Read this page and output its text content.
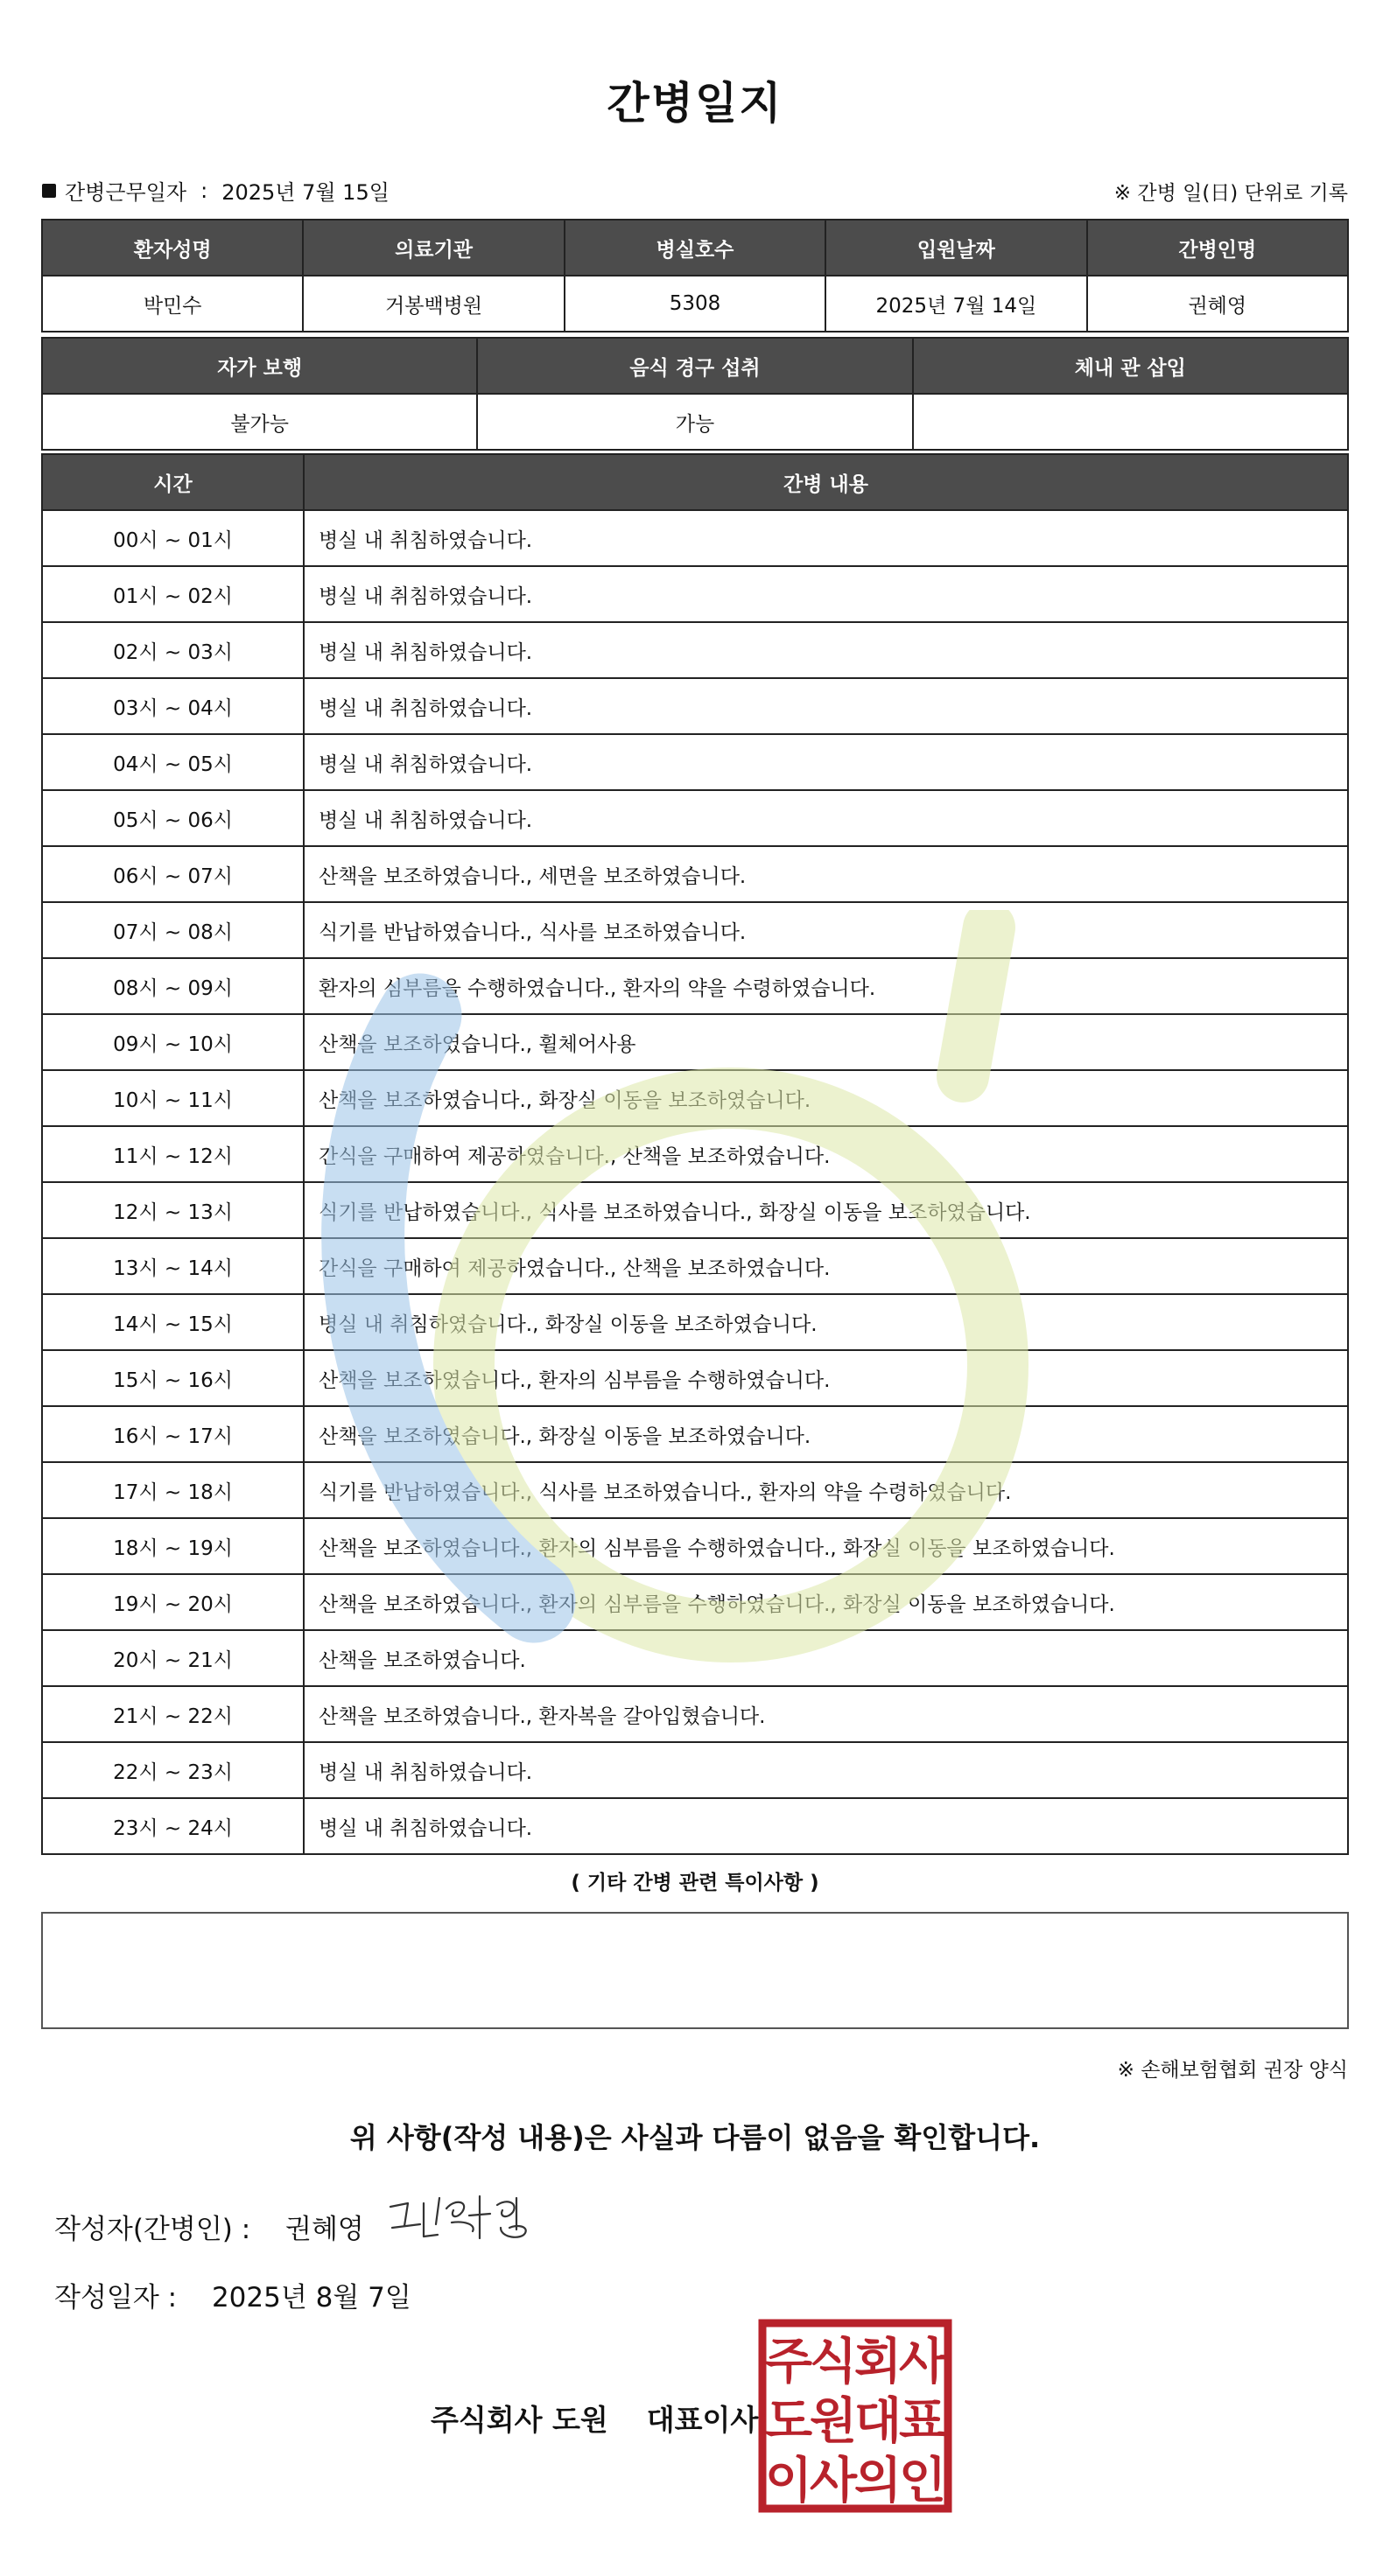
간병일지
간병근무일자 : 2025년 7월 15일	※ 간병 일(日) 단위로 기록
환자성명	의료기관	병실호수	입원날짜	간병인명
박민수	거봉백병원	5308	2025년 7월 14일	권혜영
자가 보행	음식 경구 섭취	체내 관 삽입
불가능	가능	
시간	간병 내용
00시 ~ 01시	병실 내 취침하였습니다.
01시 ~ 02시	병실 내 취침하였습니다.
02시 ~ 03시	병실 내 취침하였습니다.
03시 ~ 04시	병실 내 취침하였습니다.
04시 ~ 05시	병실 내 취침하였습니다.
05시 ~ 06시	병실 내 취침하였습니다.
06시 ~ 07시	산책을 보조하였습니다., 세면을 보조하였습니다.
07시 ~ 08시	식기를 반납하였습니다., 식사를 보조하였습니다.
08시 ~ 09시	환자의 심부름을 수행하였습니다., 환자의 약을 수령하였습니다.
09시 ~ 10시	산책을 보조하였습니다., 휠체어사용
10시 ~ 11시	산책을 보조하였습니다., 화장실 이동을 보조하였습니다.
11시 ~ 12시	간식을 구매하여 제공하였습니다., 산책을 보조하였습니다.
12시 ~ 13시	식기를 반납하였습니다., 식사를 보조하였습니다., 화장실 이동을 보조하였습니다.
13시 ~ 14시	간식을 구매하여 제공하였습니다., 산책을 보조하였습니다.
14시 ~ 15시	병실 내 취침하였습니다., 화장실 이동을 보조하였습니다.
15시 ~ 16시	산책을 보조하였습니다., 환자의 심부름을 수행하였습니다.
16시 ~ 17시	산책을 보조하였습니다., 화장실 이동을 보조하였습니다.
17시 ~ 18시	식기를 반납하였습니다., 식사를 보조하였습니다., 환자의 약을 수령하였습니다.
18시 ~ 19시	산책을 보조하였습니다., 환자의 심부름을 수행하였습니다., 화장실 이동을 보조하였습니다.
19시 ~ 20시	산책을 보조하였습니다., 환자의 심부름을 수행하였습니다., 화장실 이동을 보조하였습니다.
20시 ~ 21시	산책을 보조하였습니다.
21시 ~ 22시	산책을 보조하였습니다., 환자복을 갈아입혔습니다.
22시 ~ 23시	병실 내 취침하였습니다.
23시 ~ 24시	병실 내 취침하였습니다.
( 기타 간병 관련 특이사항 )
※ 손해보험협회 권장 양식
위 사항(작성 내용)은 사실과 다름이 없음을 확인합니다.
작성자(간병인) : 권혜영
작성일자 : 2025년 8월 7일
주식회사 도원 대표이사
주
식
회
사
도
원
대
표
이
사
의
인
